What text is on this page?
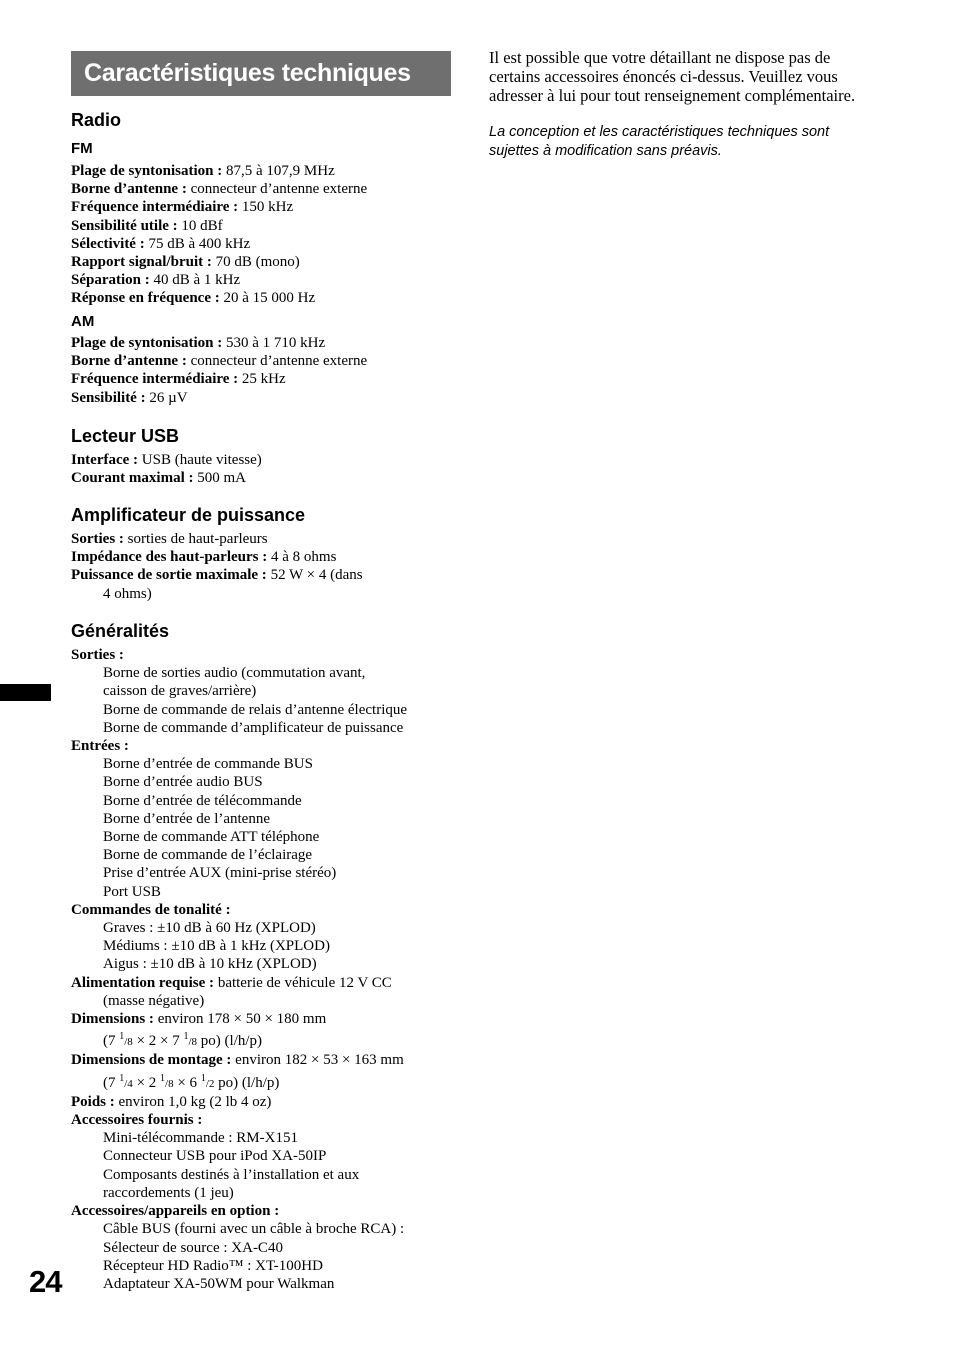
Caractéristiques techniques
Radio
FM
Plage de syntonisation : 87,5 à 107,9 MHz
Borne d’antenne : connecteur d’antenne externe
Fréquence intermédiaire : 150 kHz
Sensibilité utile : 10 dBf
Sélectivité : 75 dB à 400 kHz
Rapport signal/bruit : 70 dB (mono)
Séparation : 40 dB à 1 kHz
Réponse en fréquence : 20 à 15 000 Hz
AM
Plage de syntonisation : 530 à 1 710 kHz
Borne d’antenne : connecteur d’antenne externe
Fréquence intermédiaire : 25 kHz
Sensibilité : 26 µV
Lecteur USB
Interface : USB (haute vitesse)
Courant maximal : 500 mA
Amplificateur de puissance
Sorties : sorties de haut-parleurs
Impédance des haut-parleurs : 4 à 8 ohms
Puissance de sortie maximale : 52 W × 4 (dans
4 ohms)
Généralités
Sorties :
Borne de sorties audio (commutation avant,
caisson de graves/arrière)
Borne de commande de relais d’antenne électrique
Borne de commande d’amplificateur de puissance
Entrées :
Borne d’entrée de commande BUS
Borne d’entrée audio BUS
Borne d’entrée de télécommande
Borne d’entrée de l’antenne
Borne de commande ATT téléphone
Borne de commande de l’éclairage
Prise d’entrée AUX (mini-prise stéréo)
Port USB
Commandes de tonalité :
Graves : ±10 dB à 60 Hz (XPLOD)
Médiums : ±10 dB à 1 kHz (XPLOD)
Aigus : ±10 dB à 10 kHz (XPLOD)
Alimentation requise : batterie de véhicule 12 V CC
(masse négative)
Dimensions : environ 178 × 50 × 180 mm
(7 $^1$/8 × 2 × 7 $^1$/8 po) (l/h/p)
Dimensions de montage : environ 182 × 53 × 163 mm
(7 $^1$/4 × 2 $^1$/8 × 6 $^1$/2 po) (l/h/p)
Poids : environ 1,0 kg (2 lb 4 oz)
Accessoires fournis :
Mini-télécommande : RM-X151
Connecteur USB pour iPod XA-50IP
Composants destinés à l’installation et aux
raccordements (1 jeu)
Accessoires/appareils en option :
Câble BUS (fourni avec un câble à broche RCA) :
Sélecteur de source : XA-C40
Récepteur HD Radio™ : XT-100HD
Adaptateur XA-50WM pour Walkman
Il est possible que votre détaillant ne dispose pas de certains accessoires énoncés ci-dessus. Veuillez vous adresser à lui pour tout renseignement complémentaire.
La conception et les caractéristiques techniques sont sujettes à modification sans préavis.
24
